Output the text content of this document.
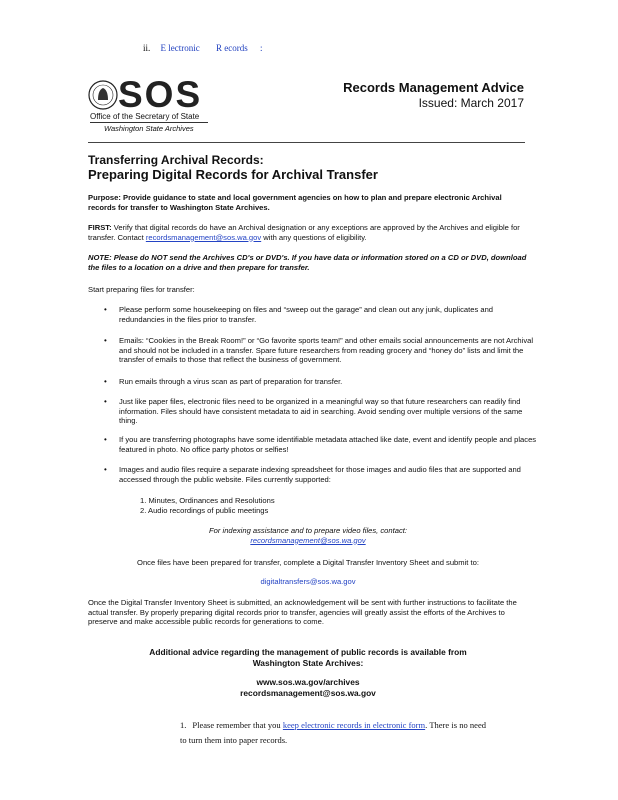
ii. E lectronic R ecords :
SOS
Office of the Secretary of State
Washington State Archives
Records Management Advice
Issued: March 2017
Transferring Archival Records:
Preparing Digital Records for Archival Transfer

Purpose: Provide guidance to state and local government agencies on how to plan and prepare electronic Archival records for transfer to Washington State Archives.

FIRST: Verify that digital records do have an Archival designation or any exceptions are approved by the Archives and eligible for transfer. Contact recordsmanagement@sos.wa.gov with any questions of eligibility.

NOTE: Please do NOT send the Archives CD's or DVD's. If you have data or information stored on a CD or DVD, download the files to a location on a drive and then prepare for transfer.

Start preparing files for transfer:

• Please perform some housekeeping on files and “sweep out the garage” and clean out any junk, duplicates and redundancies in the files prior to transfer.
• Emails: “Cookies in the Break Room!” or “Go favorite sports team!” and other emails social announcements are not Archival and should not be included in a transfer. Spare future researchers from reading grocery and “honey do” lists and limit the transfer of emails to those that reflect the business of government.
• Run emails through a virus scan as part of preparation for transfer.
• Just like paper files, electronic files need to be organized in a meaningful way so that future researchers can readily find information. Files should have consistent metadata to aid in searching. Avoid sending over multiple versions of the same thing.
• If you are transferring photographs have some identifiable metadata attached like date, event and identify people and places featured in photo. No office party photos or selfies!
• Images and audio files require a separate indexing spreadsheet for those images and audio files that are supported and accessed through the public website. Files currently supported:
1. Minutes, Ordinances and Resolutions
2. Audio recordings of public meetings
For indexing assistance and to prepare video files, contact:
recordsmanagement@sos.wa.gov

Once files have been prepared for transfer, complete a Digital Transfer Inventory Sheet and submit to:

digitaltransfers@sos.wa.gov

Once the Digital Transfer Inventory Sheet is submitted, an acknowledgement will be sent with further instructions to facilitate the actual transfer. By properly preparing digital records prior to transfer, agencies will greatly assist the efforts of the Archives to preserve and make accessible public records for generations to come.

Additional advice regarding the management of public records is available from
Washington State Archives:
www.sos.wa.gov/archives
recordsmanagement@sos.wa.gov
1. Please remember that you keep electronic records in electronic form. There is no need to turn them into paper records.
